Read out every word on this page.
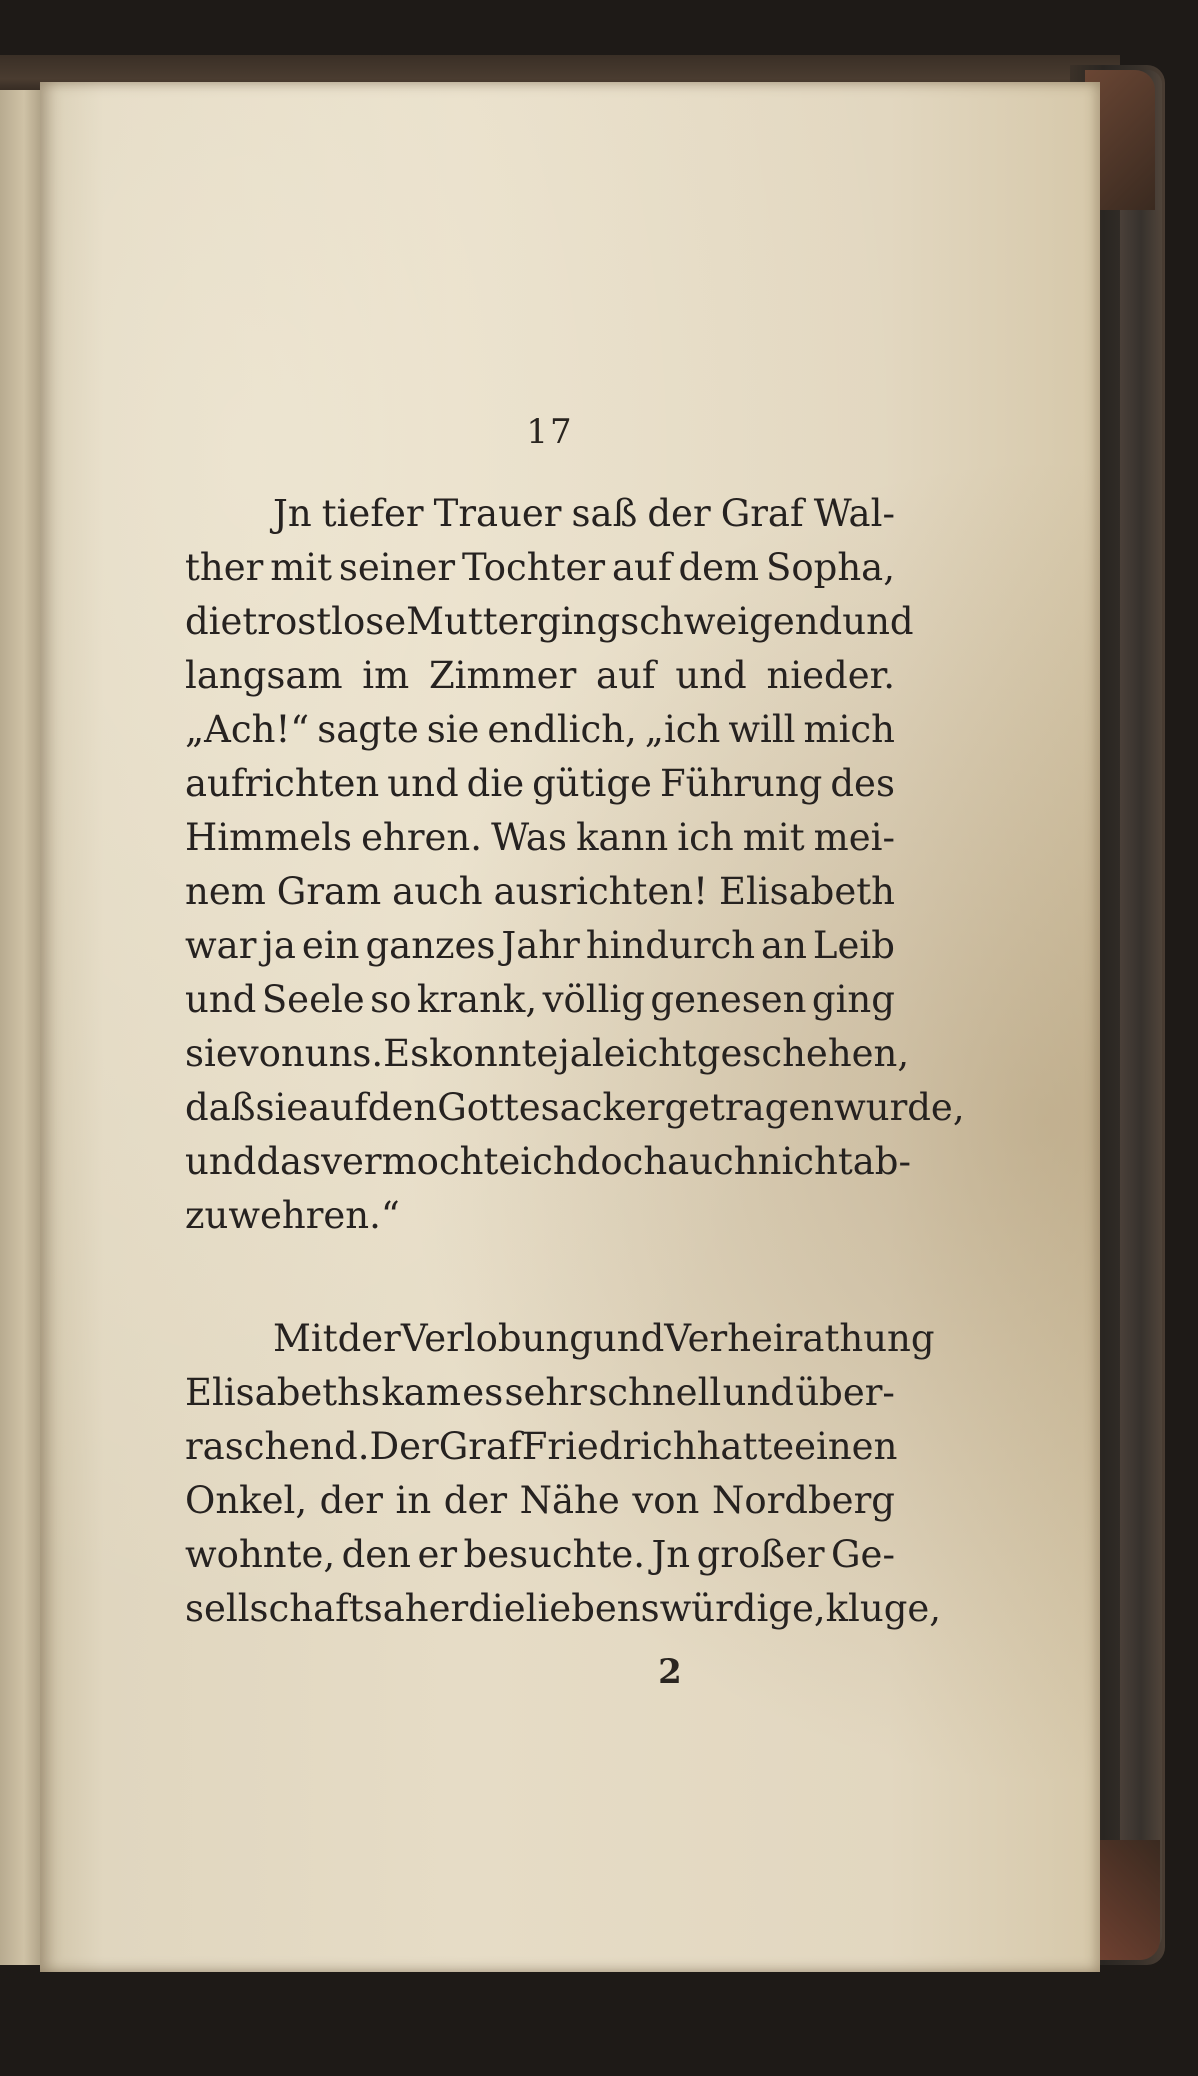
17
Jn tiefer Trauer saß der Graf Wal-
ther mit seiner Tochter auf dem Sopha,
die trostlose Mutter ging schweigend und
langsam im Zimmer auf und nieder.
„Ach!“ sagte sie endlich, „ich will mich
aufrichten und die gütige Führung des
Himmels ehren. Was kann ich mit mei-
nem Gram auch ausrichten! Elisabeth
war ja ein ganzes Jahr hindurch an Leib
und Seele so krank, völlig genesen ging
sie von uns. Es konnte ja leicht geschehen,
daß sie auf den Gottesacker getragen wurde,
und das vermochte ich doch auch nicht ab-
zuwehren.“
Mit der Verlobung und Verheirathung
Elisabeths kam es sehr schnell und über-
raschend. Der Graf Friedrich hatte einen
Onkel, der in der Nähe von Nordberg
wohnte, den er besuchte. Jn großer Ge-
sellschaft sah er die liebenswürdige, kluge,
2
